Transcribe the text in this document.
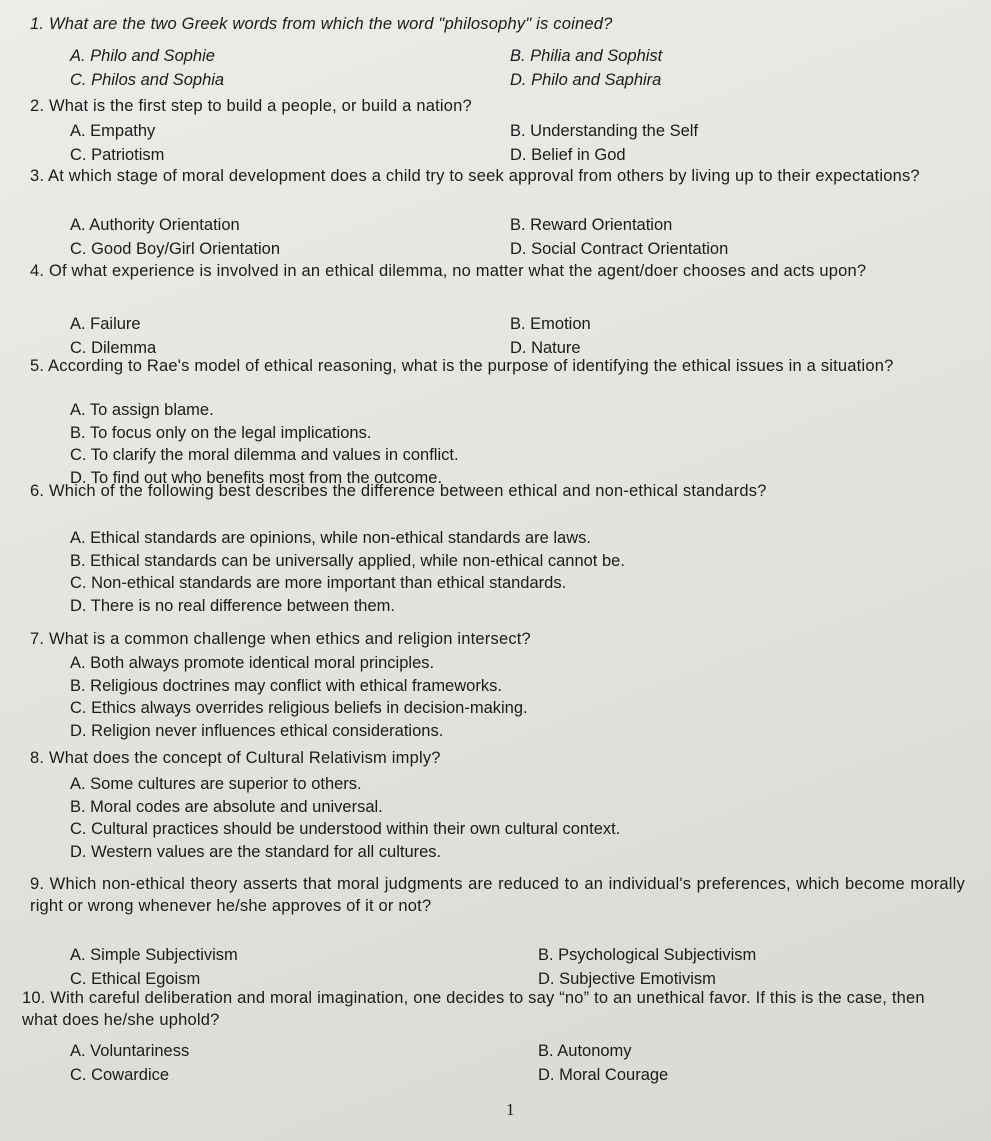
1. What are the two Greek words from which the word "philosophy" is coined?
A. Philo and Sophie	B. Philia and Sophist
C. Philos and Sophia	D. Philo and Saphira
2. What is the first step to build a people, or build a nation?
A. Empathy	B. Understanding the Self
C. Patriotism	D. Belief in God
3. At which stage of moral development does a child try to seek approval from others by living up to their expectations?
A. Authority Orientation	B. Reward Orientation
C. Good Boy/Girl Orientation	D. Social Contract Orientation
4. Of what experience is involved in an ethical dilemma, no matter what the agent/doer chooses and acts upon?
A. Failure	B. Emotion
C. Dilemma	D. Nature
5. According to Rae's model of ethical reasoning, what is the purpose of identifying the ethical issues in a situation?
A. To assign blame.
B. To focus only on the legal implications.
C. To clarify the moral dilemma and values in conflict.
D. To find out who benefits most from the outcome.
6. Which of the following best describes the difference between ethical and non-ethical standards?
A. Ethical standards are opinions, while non-ethical standards are laws.
B. Ethical standards can be universally applied, while non-ethical cannot be.
C. Non-ethical standards are more important than ethical standards.
D. There is no real difference between them.
7. What is a common challenge when ethics and religion intersect?
A. Both always promote identical moral principles.
B. Religious doctrines may conflict with ethical frameworks.
C. Ethics always overrides religious beliefs in decision-making.
D. Religion never influences ethical considerations.
8. What does the concept of Cultural Relativism imply?
A. Some cultures are superior to others.
B. Moral codes are absolute and universal.
C. Cultural practices should be understood within their own cultural context.
D. Western values are the standard for all cultures.
9. Which non-ethical theory asserts that moral judgments are reduced to an individual's preferences, which become morally right or wrong whenever he/she approves of it or not?
A. Simple Subjectivism	B. Psychological Subjectivism
C. Ethical Egoism	D. Subjective Emotivism
10. With careful deliberation and moral imagination, one decides to say “no” to an unethical favor. If this is the case, then what does he/she uphold?
A. Voluntariness	B. Autonomy
C. Cowardice	D. Moral Courage
1
